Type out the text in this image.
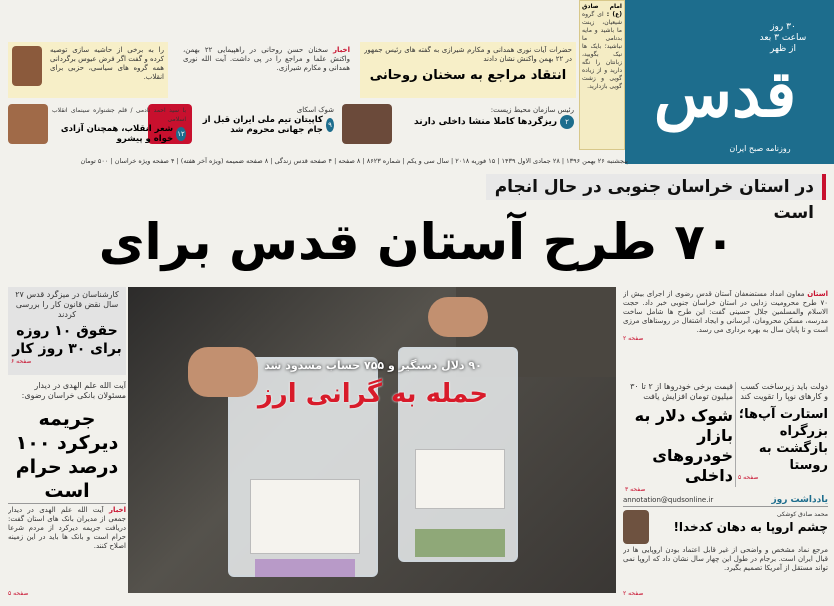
۳۰ روز ساعت ۳ بعد از ظهر
قدس
روزنامه صبح ایران
امام صادق (ع) : ای گروه شیعیان، زینت ما باشید و مایه بدنامی ما نباشید؛ بایک ها نیک بگویید، زبانتان را نگه دارید و از زیاده گویی و زشت گویی بازدارید.
حضرات آیات نوری همدانی و مکارم شیرازی به گفته های رئیس جمهور در ۲۲ بهمن واکنش نشان دادند
انتقاد مراجع به سخنان روحانی
اخبار سخنان حسن روحانی در راهپیمایی ۲۲ بهمن، واکنش علما و مراجع را در پی داشت. آیت الله نوری همدانی و مکارم شیرازی.
را به برخی از حاشیه سازی توصیه کرده و گفت اگر فرض عیوس برگردانی همه گروه های سیاسی، حزبی برای انقلاب.
رئیس سازمان محیط زیست:
۲
ریزگردها کاملا منشا داخلی دارند
شوک اسکای
۹
کاپیتان تیم ملی ایران قبل از جام جهانی محروم شد
با سید احمد نادمی / قلم جشنواره سینمای انقلاب اسلامی
۱۲
شعر انقلاب، همچنان آزادی خواه و پیشرو
پنجشنبه ۲۶ بهمن ۱۳۹۶ | ۲۸ جمادی الاول ۱۴۳۹ | ۱۵ فوریه ۲۰۱۸ | سال سی و یکم | شماره ۸۶۲۳ | ۸ صفحه | ۴ صفحه قدس زندگی | ۸ صفحه ضمیمه (ویژه آخر هفته) | ۴ صفحه ویژه خراسان | ۵۰۰ تومان
در استان خراسان جنوبی در حال انجام است
۷۰ طرح آستان قدس برای
آستان معاون امداد مستضعفان آستان قدس رضوی از اجرای بیش از ۷۰ طرح محرومیت زدایی در استان خراسان جنوبی خبر داد. حجت الاسلام والمسلمین جلال حسینی گفت: این طرح ها شامل ساخت مدرسه، مسکن محرومان، آبرسانی و ایجاد اشتغال در روستاهای مرزی است و تا پایان سال به بهره برداری می رسد.
صفحه ۲
دولت باید زیرساخت کسب و کارهای نوپا را تقویت کند
استارت آپ‌ها؛ بزرگراه بازگشت به روستا
صفحه ۵
قیمت برخی خودروها از ۲ تا ۳۰ میلیون تومان افزایش یافت
شوک دلار به بازار خودروهای داخلی
صفحه ۳
یادداشت روز
annotation@qudsonline.ir
محمد صادق کوشکی
چشم اروپا به دهان کدخدا!
مرجع نماد مشخص و واضحی از غیر قابل اعتماد بودن اروپایی ها در قبال ایران است. برجام در طول این چهار سال نشان داد که اروپا نمی تواند مستقل از آمریکا تصمیم بگیرد.
صفحه ۲
۹۰ دلال دستگیر و ۷۵۵ حساب مسدود شد
حمله به گرانی ارز
کارشناسان در میزگرد قدس ۲۷ سال نقض قانون کار را بررسی کردند
حقوق ۱۰ روزه برای ۳۰ روز کار
صفحه ۶
آیت الله علم الهدی در دیدار مسئولان بانکی خراسان رضوی:
جریمه دیرکرد ۱۰۰ درصد حرام است
اخبار آیت الله علم الهدی در دیدار جمعی از مدیران بانک های استان گفت: دریافت جریمه دیرکرد از مردم شرعا حرام است و بانک ها باید در این زمینه اصلاح کنند.
صفحه ۵
